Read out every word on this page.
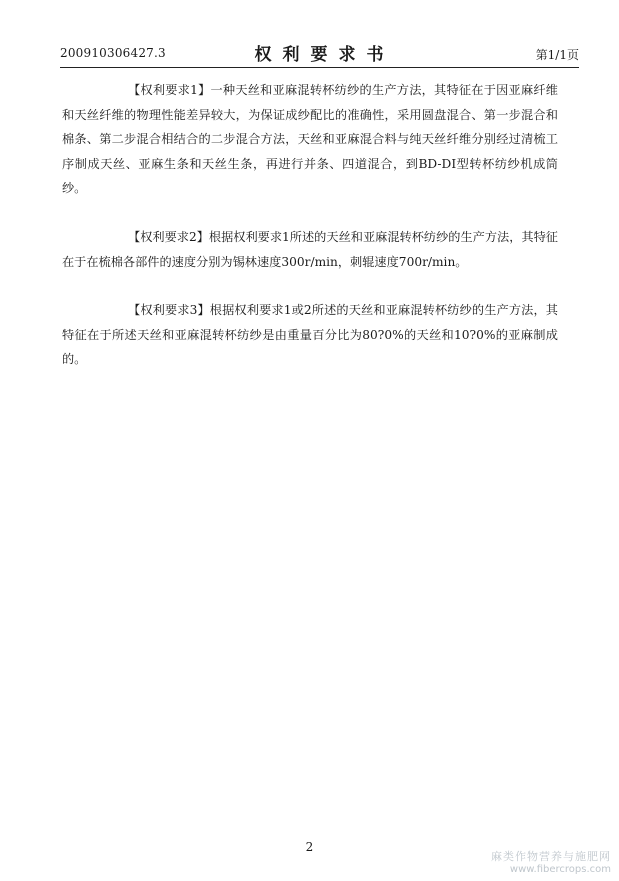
200910306427.3	权利要求书	第1/1页

【权利要求1】一种天丝和亚麻混转杯纺纱的生产方法，其特征在于因亚麻纤维和天丝纤维的物理性能差异较大，为保证成纱配比的准确性，采用圆盘混合、第一步混合和棉条、第二步混合相结合的二步混合方法，天丝和亚麻混合料与纯天丝纤维分别经过清梳工序制成天丝、亚麻生条和天丝生条，再进行并条、四道混合，到BD-DI型转杯纺纱机成筒纱。

【权利要求2】根据权利要求1所述的天丝和亚麻混转杯纺纱的生产方法，其特征在于在梳棉各部件的速度分别为锡林速度300r/min，刺辊速度700r/min。

【权利要求3】根据权利要求1或2所述的天丝和亚麻混转杯纺纱的生产方法，其特征在于所述天丝和亚麻混转杯纺纱是由重量百分比为80?0%的天丝和10?0%的亚麻制成的。

2
麻类作物营养与施肥网
www.fibercrops.com
